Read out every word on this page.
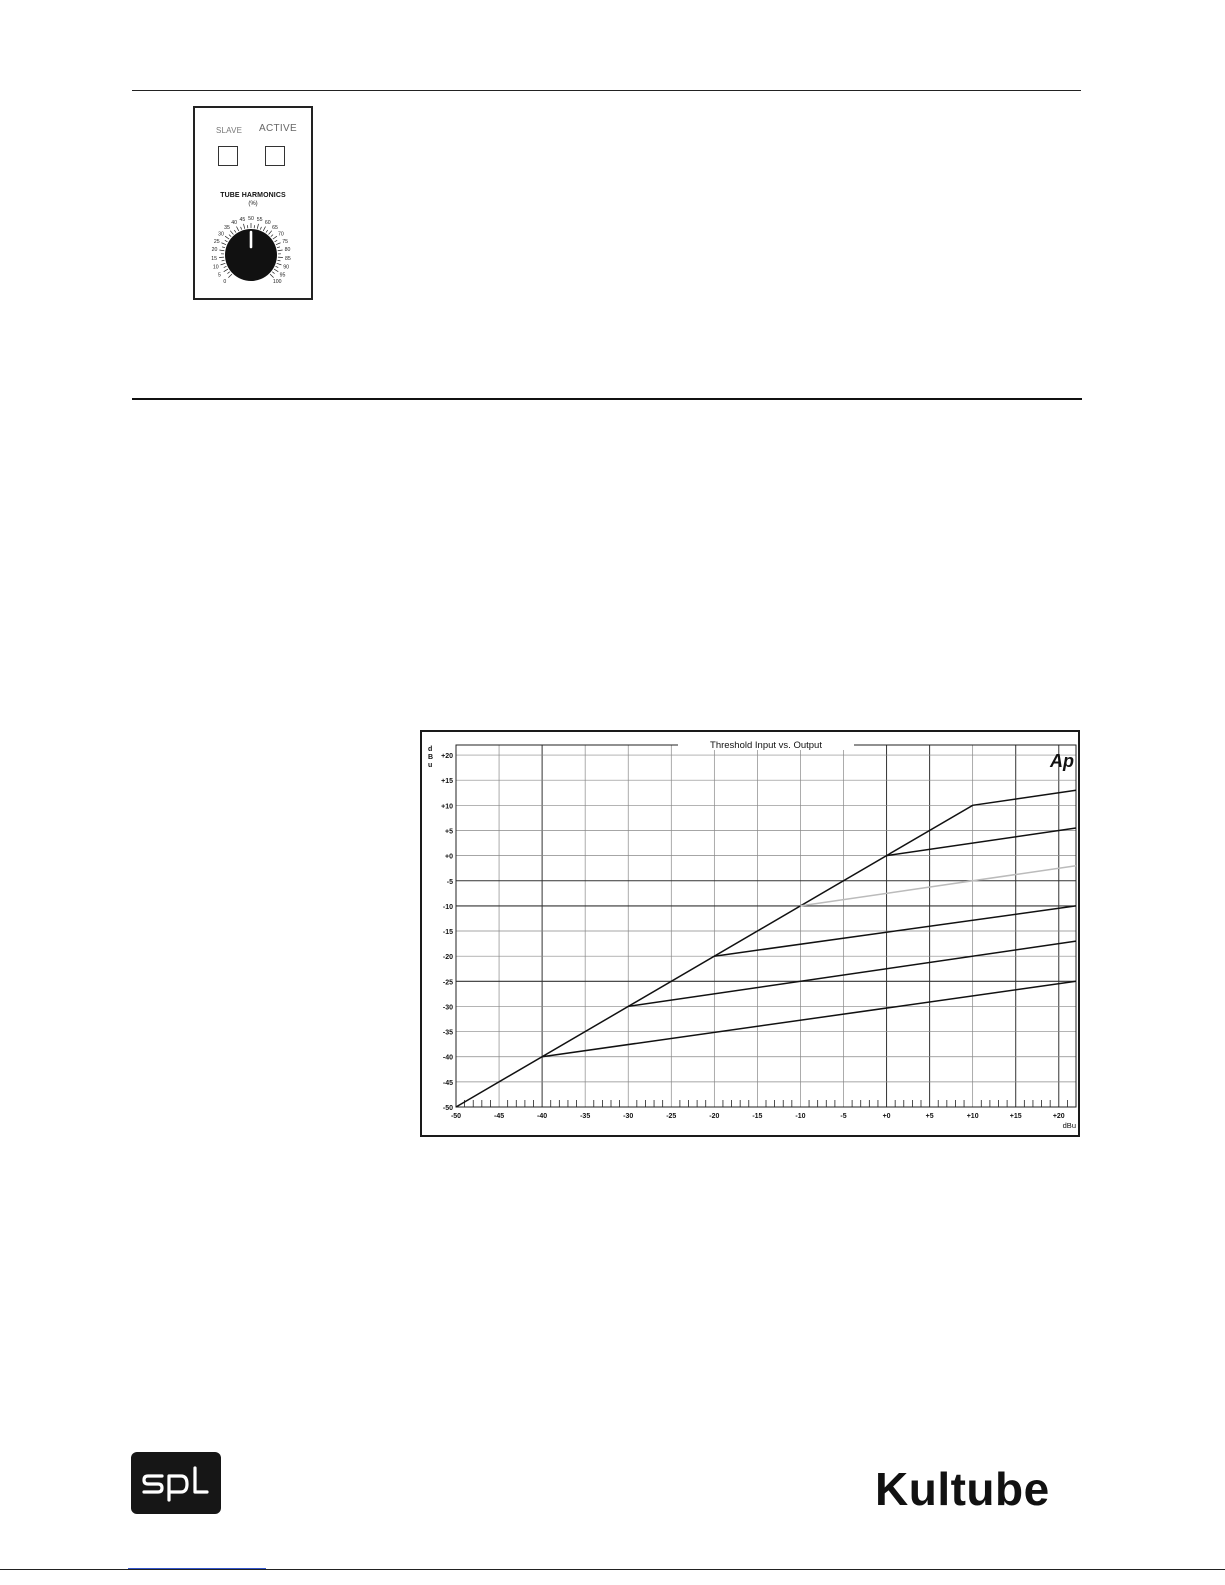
SLAVE ACTIVE
TUBE HARMONICS
(%)
0
5
10
15
20
25
30
35
40
45 50 55
60
65
70
75
80
85
90
95
100
Threshold Input vs. Output
Ap
d B u
+20
+15
+10
+5
+0
-5
-10
-15
-20
-25
-30
-35
-40
-45
-50
-50	-45	-40	-35	-30	-25	-20	-15	-10	-5	+0	+5	+10	+15	+20
dBu
Kultube
